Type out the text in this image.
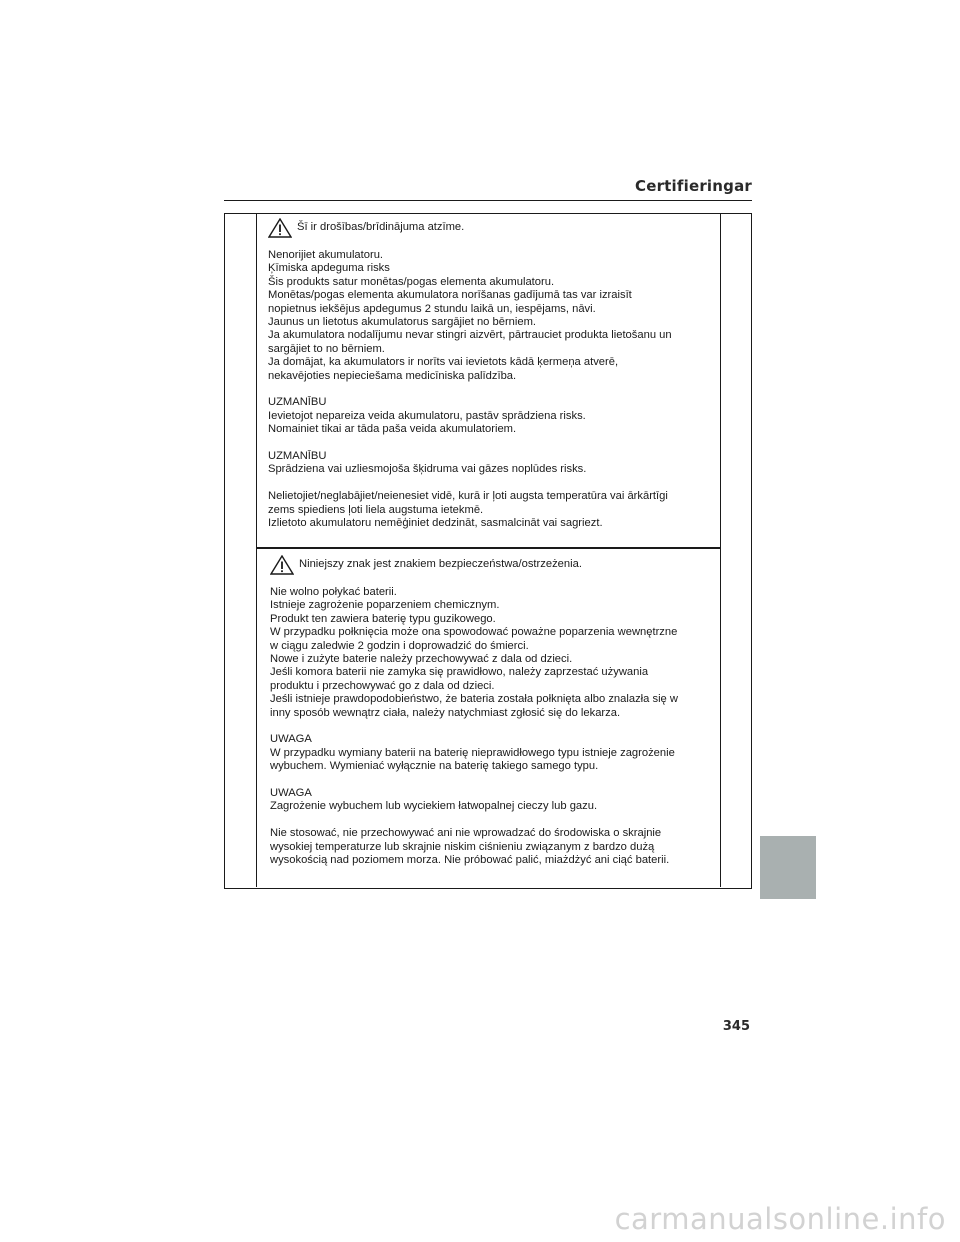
Certifieringar
Šī ir drošības/brīdinājuma atzīme.
Nenorijiet akumulatoru.
Ķīmiska apdeguma risks
Šis produkts satur monētas/pogas elementa akumulatoru.
Monētas/pogas elementa akumulatora norīšanas gadījumā tas var izraisīt
nopietnus iekšējus apdegumus 2 stundu laikā un, iespējams, nāvi.
Jaunus un lietotus akumulatorus sargājiet no bērniem.
Ja akumulatora nodalījumu nevar stingri aizvērt, pārtrauciet produkta lietošanu un
sargājiet to no bērniem.
Ja domājat, ka akumulators ir norīts vai ievietots kādā ķermeņa atverē,
nekavējoties nepieciešama medicīniska palīdzība.
UZMANĪBU
Ievietojot nepareiza veida akumulatoru, pastāv sprādziena risks.
Nomainiet tikai ar tāda paša veida akumulatoriem.
UZMANĪBU
Sprādziena vai uzliesmojoša šķidruma vai gāzes noplūdes risks.
Nelietojiet/neglabājiet/neienesiet vidē, kurā ir ļoti augsta temperatūra vai ārkārtīgi
zems spiediens ļoti liela augstuma ietekmē.
Izlietoto akumulatoru nemēģiniet dedzināt, sasmalcināt vai sagriezt.
Niniejszy znak jest znakiem bezpieczeństwa/ostrzeżenia.
Nie wolno połykać baterii.
Istnieje zagrożenie poparzeniem chemicznym.
Produkt ten zawiera baterię typu guzikowego.
W przypadku połknięcia może ona spowodować poważne poparzenia wewnętrzne
w ciągu zaledwie 2 godzin i doprowadzić do śmierci.
Nowe i zużyte baterie należy przechowywać z dala od dzieci.
Jeśli komora baterii nie zamyka się prawidłowo, należy zaprzestać używania
produktu i przechowywać go z dala od dzieci.
Jeśli istnieje prawdopodobieństwo, że bateria została połknięta albo znalazła się w
inny sposób wewnątrz ciała, należy natychmiast zgłosić się do lekarza.
UWAGA
W przypadku wymiany baterii na baterię nieprawidłowego typu istnieje zagrożenie
wybuchem. Wymieniać wyłącznie na baterię takiego samego typu.
UWAGA
Zagrożenie wybuchem lub wyciekiem łatwopalnej cieczy lub gazu.
Nie stosować, nie przechowywać ani nie wprowadzać do środowiska o skrajnie
wysokiej temperaturze lub skrajnie niskim ciśnieniu związanym z bardzo dużą
wysokością nad poziomem morza. Nie próbować palić, miażdżyć ani ciąć baterii.
345
carmanualsonline.info
